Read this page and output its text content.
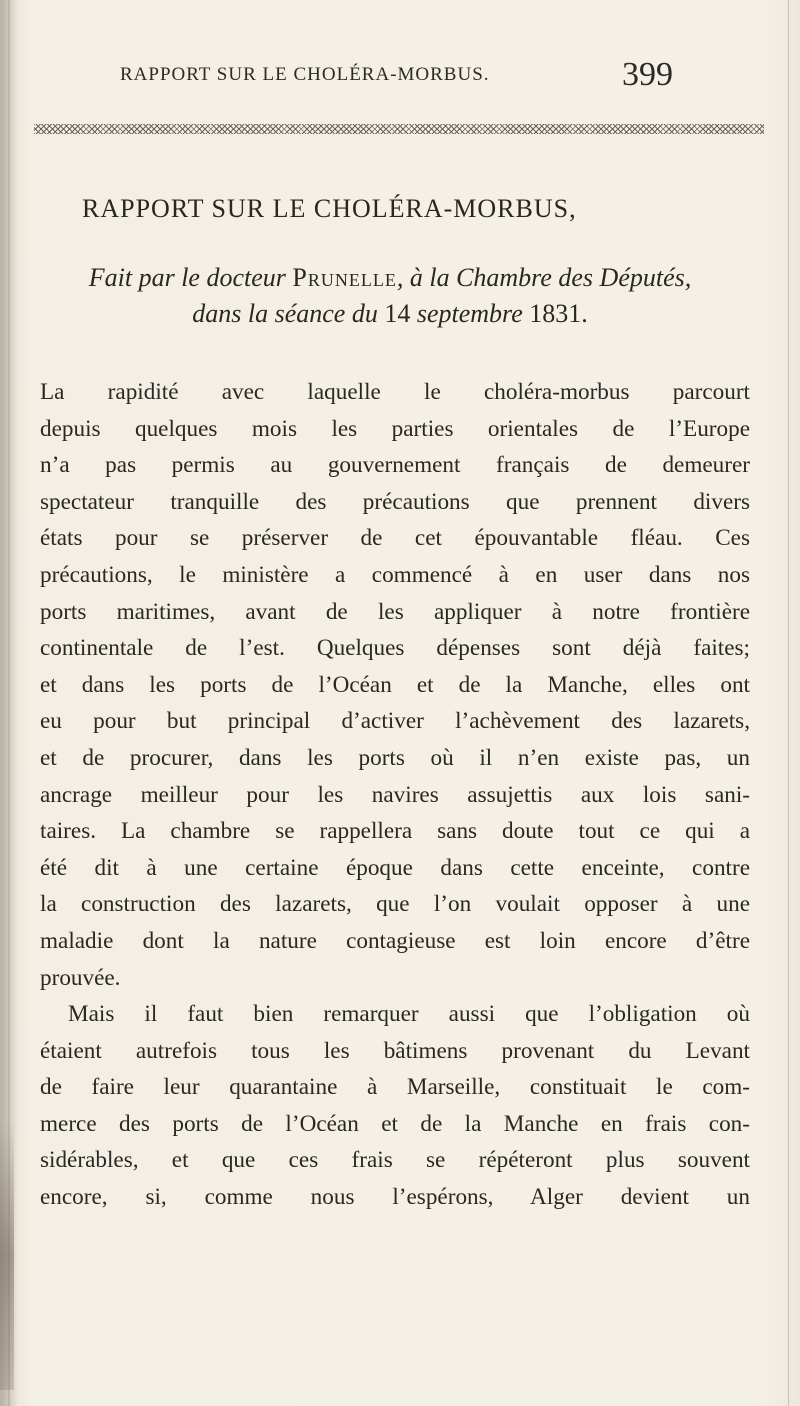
RAPPORT SUR LE CHOLÉRA-MORBUS.	399
RAPPORT SUR LE CHOLÉRA-MORBUS,
Fait par le docteur Prunelle, à la Chambre des Députés,
dans la séance du 14 septembre 1831.
La rapidité avec laquelle le choléra-morbus parcourt
depuis quelques mois les parties orientales de l’Europe
n’a pas permis au gouvernement français de demeurer
spectateur tranquille des précautions que prennent divers
états pour se préserver de cet épouvantable fléau. Ces
précautions, le ministère a commencé à en user dans nos
ports maritimes, avant de les appliquer à notre frontière
continentale de l’est. Quelques dépenses sont déjà faites;
et dans les ports de l’Océan et de la Manche, elles ont
eu pour but principal d’activer l’achèvement des lazarets,
et de procurer, dans les ports où il n’en existe pas, un
ancrage meilleur pour les navires assujettis aux lois sani-
taires. La chambre se rappellera sans doute tout ce qui a
été dit à une certaine époque dans cette enceinte, contre
la construction des lazarets, que l’on voulait opposer à une
maladie dont la nature contagieuse est loin encore d’être
prouvée.
Mais il faut bien remarquer aussi que l’obligation où
étaient autrefois tous les bâtimens provenant du Levant
de faire leur quarantaine à Marseille, constituait le com-
merce des ports de l’Océan et de la Manche en frais con-
sidérables, et que ces frais se répéteront plus souvent
encore, si, comme nous l’espérons, Alger devient un
